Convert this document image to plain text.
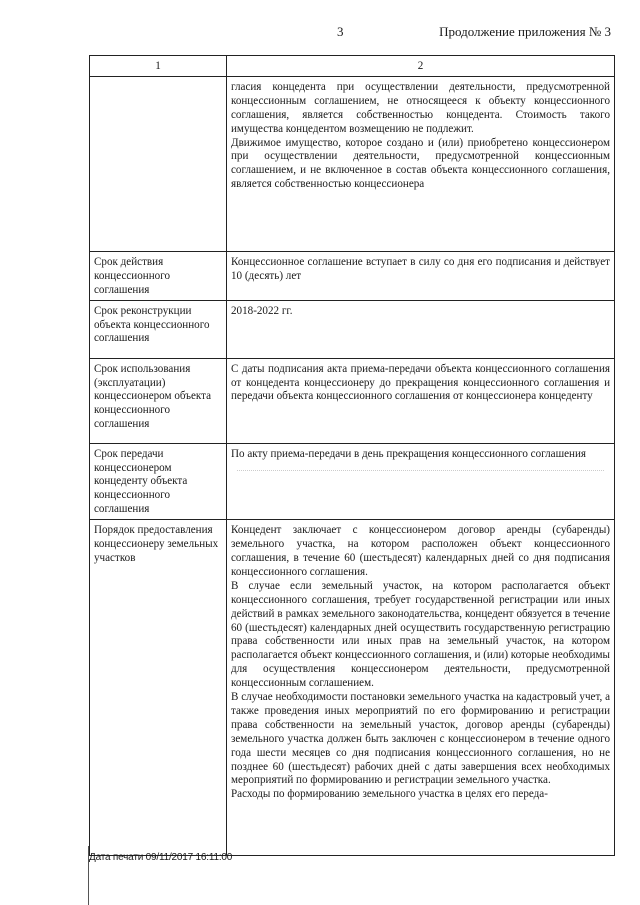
3	Продолжение приложения № 3
1	2

	гласия концедента при осуществлении деятельности, предусмотренной концессионным соглашением, не относящееся к объекту концессионного соглашения, является собственностью концедента. Стоимость такого имущества концедентом возмещению не подлежит.

Движимое имущество, которое создано и (или) приобретено концессионером при осуществлении деятельности, предусмотренной концессионным соглашением, и не включенное в состав объекта концессионного соглашения, является собственностью концессионера

Срок действия концессионного соглашения	Концессионное соглашение вступает в силу со дня его подписания и действует 10 (десять) лет

Срок реконструкции объекта концессионного соглашения	2018-2022 гг.

Срок использования (эксплуатации) концессионером объекта концессионного соглашения	С даты подписания акта приема-передачи объекта концессионного соглашения от концедента концессионеру до прекращения концессионного соглашения и передачи объекта концессионного соглашения от концессионера концеденту

Срок передачи концессионером концеденту объекта концессионного соглашения	По акту приема-передачи в день прекращения концессионного соглашения

Порядок предоставления концессионеру земельных участков	Концедент заключает с концессионером договор аренды (субаренды) земельного участка, на котором расположен объект концессионного соглашения, в течение 60 (шестьдесят) календарных дней со дня подписания концессионного соглашения.

В случае если земельный участок, на котором располагается объект концессионного соглашения, требует государственной регистрации или иных действий в рамках земельного законодательства, концедент обязуется в течение 60 (шестьдесят) календарных дней осуществить государственную регистрацию права собственности или иных прав на земельный участок, на котором располагается объект концессионного соглашения, и (или) которые необходимы для осуществления концессионером деятельности, предусмотренной концессионным соглашением.

В случае необходимости постановки земельного участка на кадастровый учет, а также проведения иных мероприятий по его формированию и регистрации права собственности на земельный участок, договор аренды (субаренды) земельного участка должен быть заключен с концессионером в течение одного года шести месяцев со дня подписания концессионного соглашения, но не позднее 60 (шестьдесят) рабочих дней с даты завершения всех необходимых мероприятий по формированию и регистрации земельного участка.

Расходы по формированию земельного участка в целях его переда-

Дата печати 09/11/2017 16:11:00
